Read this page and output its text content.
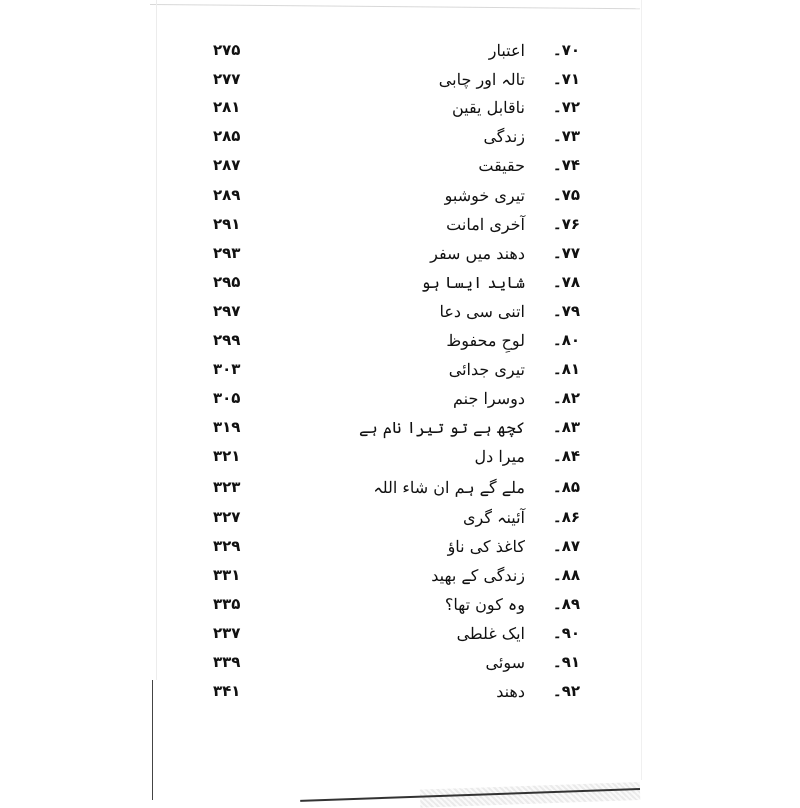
۷۰۔
اعتبار
۲۷۵
۷۱۔
تالہ اور چابی
۲۷۷
۷۲۔
ناقابل یقین
۲۸۱
۷۳۔
زندگی
۲۸۵
۷۴۔
حقیقت
۲۸۷
۷۵۔
تیری خوشبو
۲۸۹
۷۶۔
آخری امانت
۲۹۱
۷۷۔
دھند میں سفر
۲۹۳
۷۸۔
شاید ایسا ہو
۲۹۵
۷۹۔
اتنی سی دعا
۲۹۷
۸۰۔
لوحِ محفوظ
۲۹۹
۸۱۔
تیری جدائی
۳۰۳
۸۲۔
دوسرا جنم
۳۰۵
۸۳۔
کچھ ہے تو تیرا نام ہے
۳۱۹
۸۴۔
میرا دل
۳۲۱
۸۵۔
ملے گے ہم ان شاء اللہ
۳۲۳
۸۶۔
آئینہ گری
۳۲۷
۸۷۔
کاغذ کی ناؤ
۳۲۹
۸۸۔
زندگی کے بھید
۳۳۱
۸۹۔
وہ کون تھا؟
۳۳۵
۹۰۔
ایک غلطی
۲۳۷
۹۱۔
سوئی
۳۳۹
۹۲۔
دھند
۳۴۱
